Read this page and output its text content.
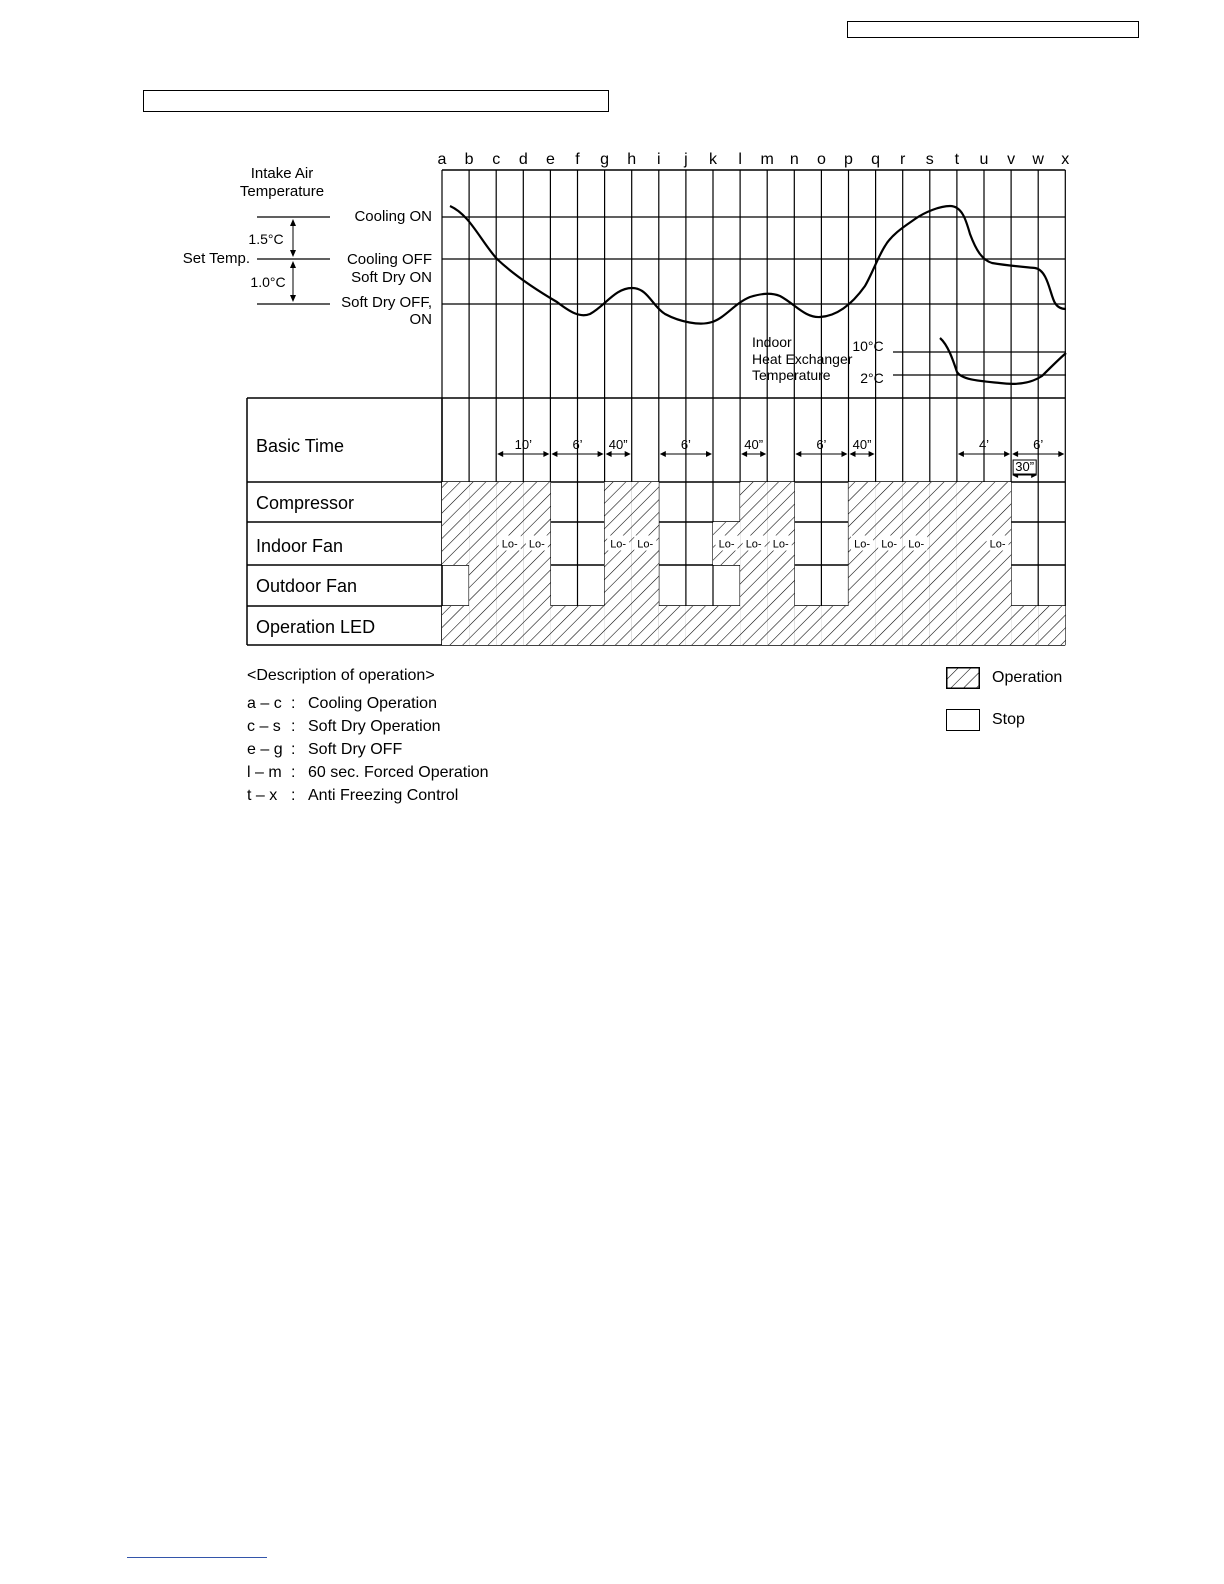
a b c d e f g h i j k l m n o p q r s t u v w x
Lo- Lo-	Lo- Lo-	Lo- Lo- Lo-	Lo- Lo- Lo-	Lo-
10’	6’ 40”	6’	40”	6’ 40”	4’	6’
30”
Intake Air
Temperature
Cooling ON
Cooling OFF
Soft Dry ON
Soft Dry OFF,
ON
Set Temp.
1.5°C
1.0°C
Indoor
Heat Exchanger
Temperature
10°C
2°C
Basic Time
Compressor
Indoor Fan
Outdoor Fan
Operation LED
<Description of operation>
a – c : Cooling Operation
c – s : Soft Dry Operation
e – g : Soft Dry OFF
l – m : 60 sec. Forced Operation
t – x : Anti Freezing Control
Operation
Stop
